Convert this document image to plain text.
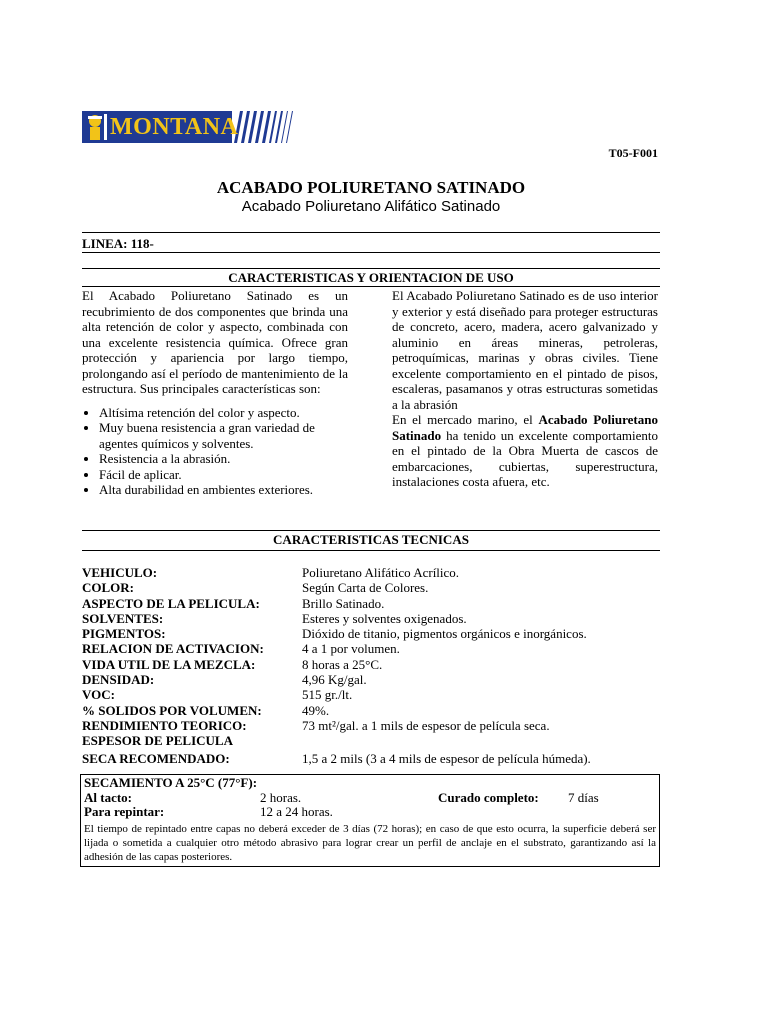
MONTANA
T05-F001
ACABADO POLIURETANO SATINADO
Acabado Poliuretano Alifático Satinado
LINEA: 118-
CARACTERISTICAS Y ORIENTACION DE USO

El Acabado Poliuretano Satinado es un recubrimiento de dos componentes que brinda una alta retención de color y aspecto, combinada con una excelente resistencia química. Ofrece gran protección y apariencia por largo tiempo, prolongando así el período de mantenimiento de la estructura. Sus principales características son:

• Altísima retención del color y aspecto.
• Muy buena resistencia a gran variedad de agentes químicos y solventes.
• Resistencia a la abrasión.
• Fácil de aplicar.
• Alta durabilidad en ambientes exteriores.

El Acabado Poliuretano Satinado es de uso interior y exterior y está diseñado para proteger estructuras de concreto, acero, madera, acero galvanizado y aluminio en áreas mineras, petroleras, petroquímicas, marinas y obras civiles. Tiene excelente comportamiento en el pintado de pisos, escaleras, pasamanos y otras estructuras sometidas a la abrasión

En el mercado marino, el Acabado Poliuretano Satinado ha tenido un excelente comportamiento en el pintado de la Obra Muerta de cascos de embarcaciones, cubiertas, superestructura, instalaciones costa afuera, etc.

CARACTERISTICAS TECNICAS
VEHICULO:	Poliuretano Alifático Acrílico.
COLOR:	Según Carta de Colores.
ASPECTO DE LA PELICULA:	Brillo Satinado.
SOLVENTES:	Esteres y solventes oxigenados.
PIGMENTOS:	Dióxido de titanio, pigmentos orgánicos e inorgánicos.
RELACION DE ACTIVACION:	4 a 1 por volumen.
VIDA UTIL DE LA MEZCLA:	8 horas a 25°C.
DENSIDAD:	4,96 Kg/gal.
VOC:	515 gr./lt.
% SOLIDOS POR VOLUMEN:	49%.
RENDIMIENTO TEORICO:	73 mt²/gal. a 1 mils de espesor de película seca.
ESPESOR DE PELICULA
SECA RECOMENDADO:	1,5 a 2 mils (3 a 4 mils de espesor de película húmeda).
SECAMIENTO A 25°C (77°F):
Al tacto:	2 horas.	Curado completo: 7 días
Para repintar:	12 a 24 horas.
El tiempo de repintado entre capas no deberá exceder de 3 días (72 horas); en caso de que esto ocurra, la superficie deberá ser lijada o sometida a cualquier otro método abrasivo para lograr crear un perfil de anclaje en el substrato, garantizando así la adhesión de las capas posteriores.
